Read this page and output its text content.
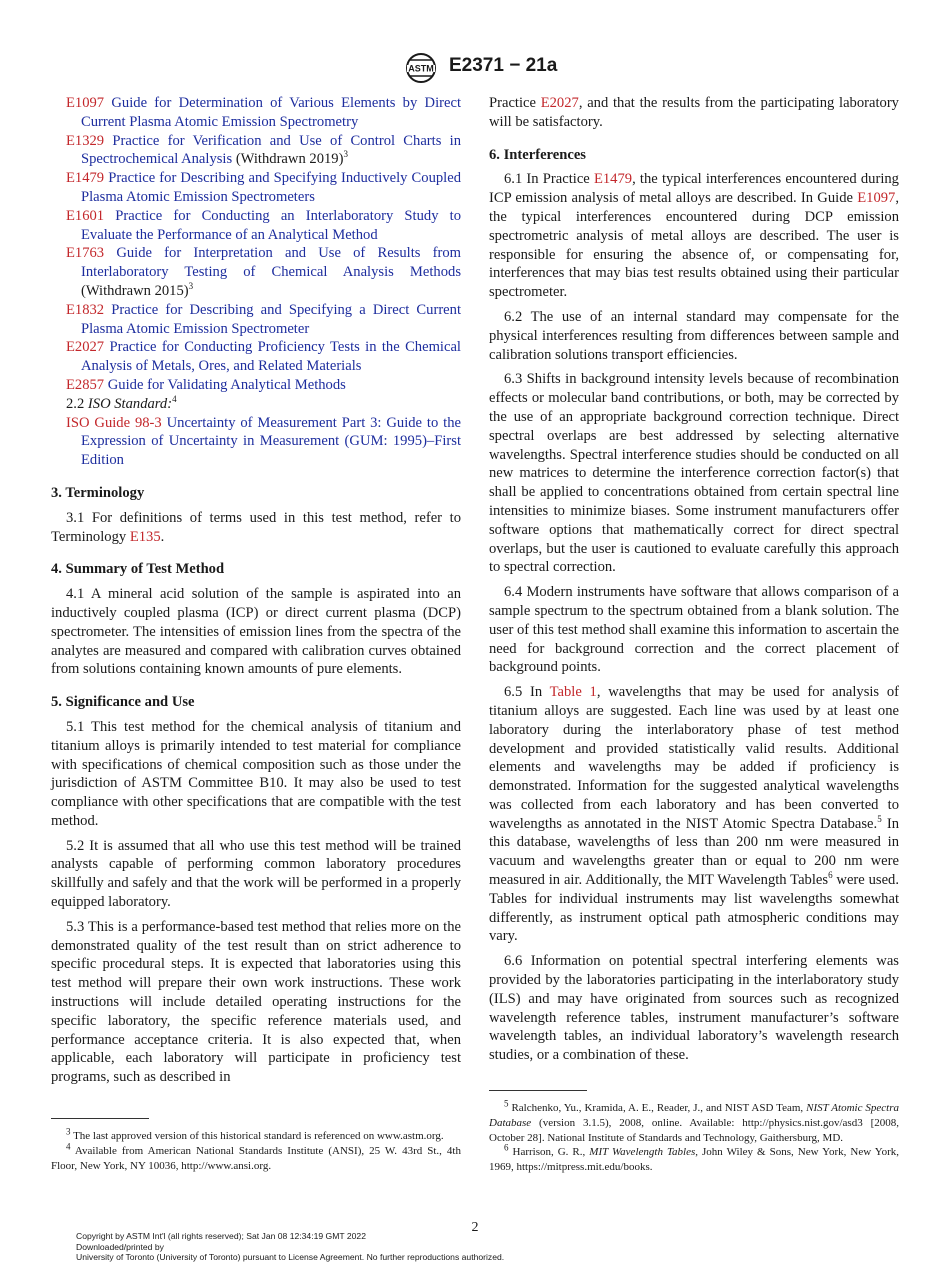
ASTM E2371 − 21a

E1097 Guide for Determination of Various Elements by Direct Current Plasma Atomic Emission Spectrometry

E1329 Practice for Verification and Use of Control Charts in Spectrochemical Analysis (Withdrawn 2019)$^3$

E1479 Practice for Describing and Specifying Inductively Coupled Plasma Atomic Emission Spectrometers

E1601 Practice for Conducting an Interlaboratory Study to Evaluate the Performance of an Analytical Method

E1763 Guide for Interpretation and Use of Results from Interlaboratory Testing of Chemical Analysis Methods (Withdrawn 2015)$^3$

E1832 Practice for Describing and Specifying a Direct Current Plasma Atomic Emission Spectrometer

E2027 Practice for Conducting Proficiency Tests in the Chemical Analysis of Metals, Ores, and Related Materials

E2857 Guide for Validating Analytical Methods

2.2 ISO Standard:$^4$

ISO Guide 98-3 Uncertainty of Measurement Part 3: Guide to the Expression of Uncertainty in Measurement (GUM: 1995)–First Edition

3. Terminology

3.1 For definitions of terms used in this test method, refer to Terminology E135.

4. Summary of Test Method

4.1 A mineral acid solution of the sample is aspirated into an inductively coupled plasma (ICP) or direct current plasma (DCP) spectrometer. The intensities of emission lines from the spectra of the analytes are measured and compared with calibration curves obtained from solutions containing known amounts of pure elements.

5. Significance and Use

5.1 This test method for the chemical analysis of titanium and titanium alloys is primarily intended to test material for compliance with specifications of chemical composition such as those under the jurisdiction of ASTM Committee B10. It may also be used to test compliance with other specifications that are compatible with the test method.

5.2 It is assumed that all who use this test method will be trained analysts capable of performing common laboratory procedures skillfully and safely and that the work will be performed in a properly equipped laboratory.

5.3 This is a performance-based test method that relies more on the demonstrated quality of the test result than on strict adherence to specific procedural steps. It is expected that laboratories using this test method will prepare their own work instructions. These work instructions will include detailed operating instructions for the specific laboratory, the specific reference materials used, and performance acceptance criteria. It is also expected that, when applicable, each laboratory will participate in proficiency test programs, such as described in

$^3$ The last approved version of this historical standard is referenced on www.astm.org.

$^4$ Available from American National Standards Institute (ANSI), 25 W. 43rd St., 4th Floor, New York, NY 10036, http://www.ansi.org.

Practice E2027, and that the results from the participating laboratory will be satisfactory.

6. Interferences

6.1 In Practice E1479, the typical interferences encountered during ICP emission analysis of metal alloys are described. In Guide E1097, the typical interferences encountered during DCP emission spectrometric analysis of metal alloys are described. The user is responsible for ensuring the absence of, or compensating for, interferences that may bias test results obtained using their particular spectrometer.

6.2 The use of an internal standard may compensate for the physical interferences resulting from differences between sample and calibration solutions transport efficiencies.

6.3 Shifts in background intensity levels because of recombination effects or molecular band contributions, or both, may be corrected by the use of an appropriate background correction technique. Direct spectral overlaps are best addressed by selecting alternative wavelengths. Spectral interference studies should be conducted on all new matrices to determine the interference correction factor(s) that shall be applied to concentrations obtained from certain spectral line intensities to minimize biases. Some instrument manufacturers offer software options that mathematically correct for direct spectral overlaps, but the user is cautioned to evaluate carefully this approach to spectral correction.

6.4 Modern instruments have software that allows comparison of a sample spectrum to the spectrum obtained from a blank solution. The user of this test method shall examine this information to ascertain the need for background correction and the correct placement of background points.

6.5 In Table 1, wavelengths that may be used for analysis of titanium alloys are suggested. Each line was used by at least one laboratory during the interlaboratory phase of test method development and provided statistically valid results. Additional elements and wavelengths may be added if proficiency is demonstrated. Information for the suggested analytical wavelengths was collected from each laboratory and has been converted to wavelengths as annotated in the NIST Atomic Spectra Database.$^5$ In this database, wavelengths of less than 200 nm were measured in vacuum and wavelengths greater than or equal to 200 nm were measured in air. Additionally, the MIT Wavelength Tables$^6$ were used. Tables for individual instruments may list wavelengths somewhat differently, as instrument optical path atmospheric conditions may vary.

6.6 Information on potential spectral interfering elements was provided by the laboratories participating in the interlaboratory study (ILS) and may have originated from sources such as recognized wavelength reference tables, instrument manufacturer’s software wavelength tables, an individual laboratory’s wavelength research studies, or a combination of these.

$^5$ Ralchenko, Yu., Kramida, A. E., Reader, J., and NIST ASD Team, NIST Atomic Spectra Database (version 3.1.5), 2008, online. Available: http://physics.nist.gov/asd3 [2008, October 28]. National Institute of Standards and Technology, Gaithersburg, MD.

$^6$ Harrison, G. R., MIT Wavelength Tables, John Wiley & Sons, New York, New York, 1969, https://mitpress.mit.edu/books.

2
Copyright by ASTM Int'l (all rights reserved); Sat Jan 08 12:34:19 GMT 2022
Downloaded/printed by
University of Toronto (University of Toronto) pursuant to License Agreement. No further reproductions authorized.
